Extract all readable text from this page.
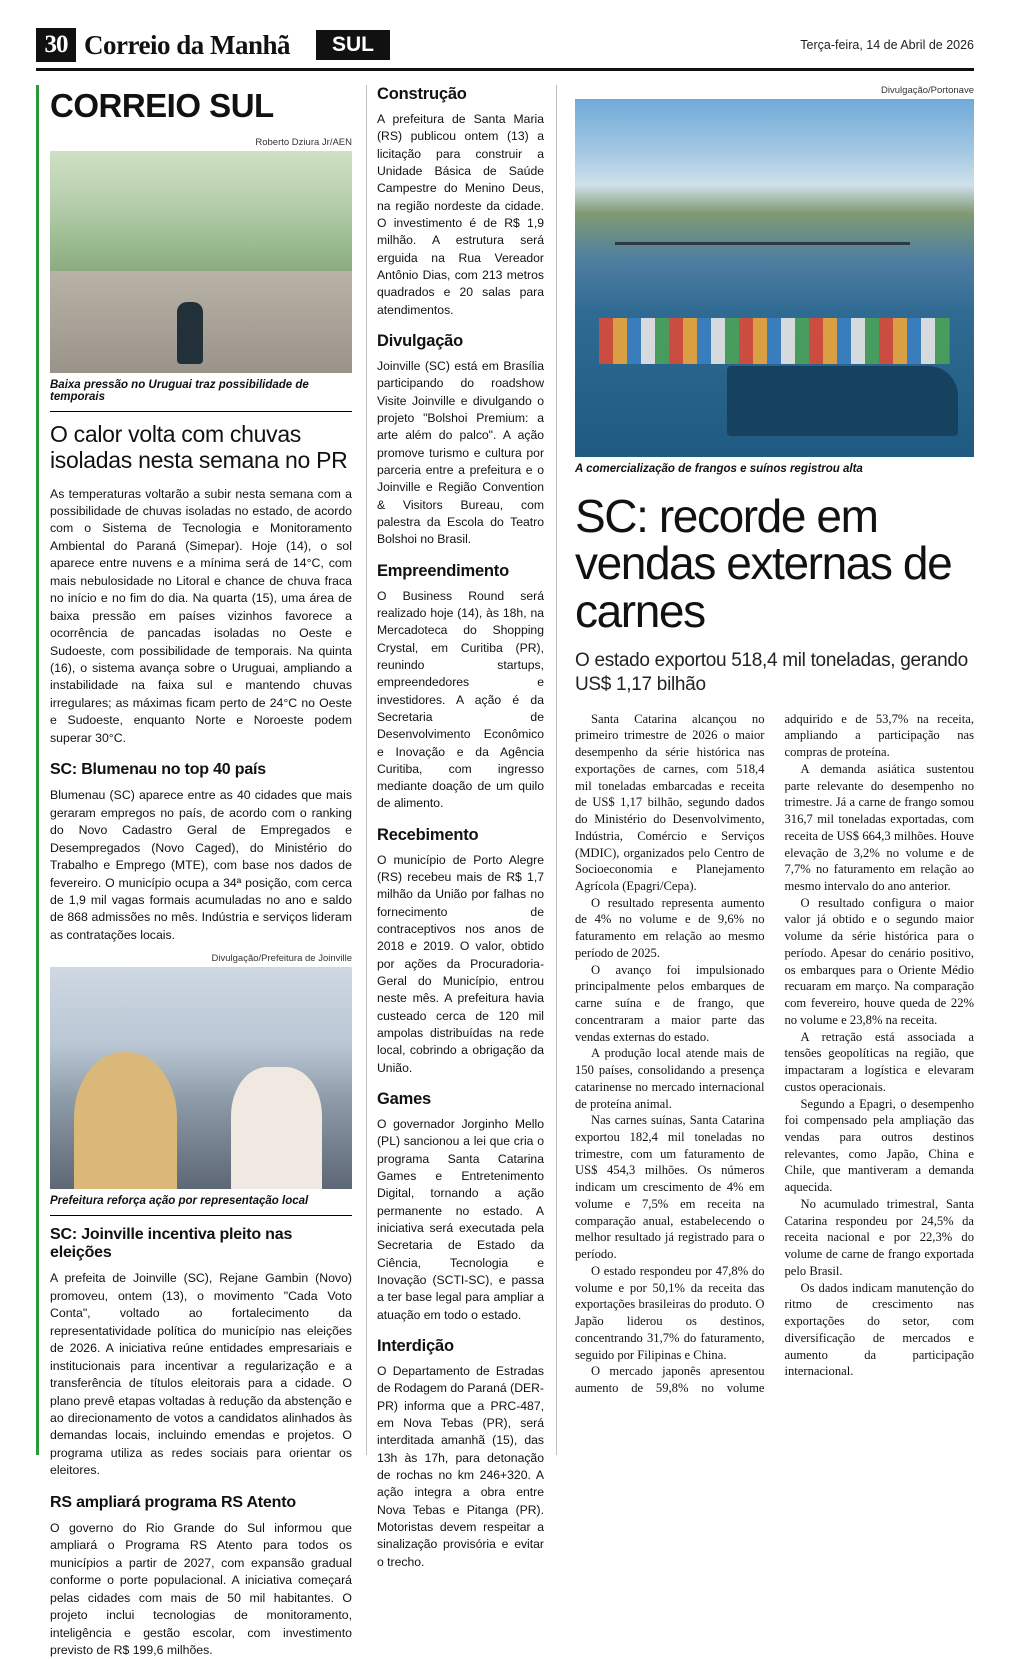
30 Correio da Manhã	SUL	Terça-feira, 14 de Abril de 2026
CORREIO SUL
Roberto Dziura Jr/AEN
Baixa pressão no Uruguai traz possibilidade de temporais
O calor volta com chuvas isoladas nesta semana no PR

As temperaturas voltarão a subir nesta semana com a possibilidade de chuvas isoladas no estado, de acordo com o Sistema de Tecnologia e Monitoramento Ambiental do Paraná (Simepar). Hoje (14), o sol aparece entre nuvens e a mínima será de 14°C, com mais nebulosidade no Litoral e chance de chuva fraca no início e no fim do dia. Na quarta (15), uma área de baixa pressão em países vizinhos favorece a ocorrência de pancadas isoladas no Oeste e Sudoeste, com possibilidade de temporais. Na quinta (16), o sistema avança sobre o Uruguai, ampliando a instabilidade na faixa sul e mantendo chuvas irregulares; as máximas ficam perto de 24°C no Oeste e Sudoeste, enquanto Norte e Noroeste podem superar 30°C.

SC: Blumenau no top 40 país

Blumenau (SC) aparece entre as 40 cidades que mais geraram empregos no país, de acordo com o ranking do Novo Cadastro Geral de Empregados e Desempregados (Novo Caged), do Ministério do Trabalho e Emprego (MTE), com base nos dados de fevereiro. O município ocupa a 34ª posição, com cerca de 1,9 mil vagas formais acumuladas no ano e saldo de 868 admissões no mês. Indústria e serviços lideram as contratações locais.

Divulgação/Prefeitura de Joinville
Prefeitura reforça ação por representação local
SC: Joinville incentiva pleito nas eleições

A prefeita de Joinville (SC), Rejane Gambin (Novo) promoveu, ontem (13), o movimento "Cada Voto Conta", voltado ao fortalecimento da representatividade política do município nas eleições de 2026. A iniciativa reúne entidades empresariais e institucionais para incentivar a regularização e a transferência de títulos eleitorais para a cidade. O plano prevê etapas voltadas à redução da abstenção e ao direcionamento de votos a candidatos alinhados às demandas locais, incluindo emendas e projetos. O programa utiliza as redes sociais para orientar os eleitores.

RS ampliará programa RS Atento

O governo do Rio Grande do Sul informou que ampliará o Programa RS Atento para todos os municípios a partir de 2027, com expansão gradual conforme o porte populacional. A iniciativa começará pelas cidades com mais de 50 mil habitantes. O projeto inclui tecnologias de monitoramento, inteligência e gestão escolar, com investimento previsto de R$ 199,6 milhões.

Construção

A prefeitura de Santa Maria (RS) publicou ontem (13) a licitação para construir a Unidade Básica de Saúde Campestre do Menino Deus, na região nordeste da cidade. O investimento é de R$ 1,9 milhão. A estrutura será erguida na Rua Vereador Antônio Dias, com 213 metros quadrados e 20 salas para atendimentos.

Divulgação

Joinville (SC) está em Brasília participando do roadshow Visite Joinville e divulgando o projeto "Bolshoi Premium: a arte além do palco". A ação promove turismo e cultura por parceria entre a prefeitura e o Joinville e Região Convention & Visitors Bureau, com palestra da Escola do Teatro Bolshoi no Brasil.

Empreendimento

O Business Round será realizado hoje (14), às 18h, na Mercadoteca do Shopping Crystal, em Curitiba (PR), reunindo startups, empreendedores e investidores. A ação é da Secretaria de Desenvolvimento Econômico e Inovação e da Agência Curitiba, com ingresso mediante doação de um quilo de alimento.

Recebimento

O município de Porto Alegre (RS) recebeu mais de R$ 1,7 milhão da União por falhas no fornecimento de contraceptivos nos anos de 2018 e 2019. O valor, obtido por ações da Procuradoria-Geral do Município, entrou neste mês. A prefeitura havia custeado cerca de 120 mil ampolas distribuídas na rede local, cobrindo a obrigação da União.

Games

O governador Jorginho Mello (PL) sancionou a lei que cria o programa Santa Catarina Games e Entretenimento Digital, tornando a ação permanente no estado. A iniciativa será executada pela Secretaria de Estado da Ciência, Tecnologia e Inovação (SCTI-SC), e passa a ter base legal para ampliar a atuação em todo o estado.

Interdição

O Departamento de Estradas de Rodagem do Paraná (DER-PR) informa que a PRC-487, em Nova Tebas (PR), será interditada amanhã (15), das 13h às 17h, para detonação de rochas no km 246+320. A ação integra a obra entre Nova Tebas e Pitanga (PR). Motoristas devem respeitar a sinalização provisória e evitar o trecho.

Divulgação/Portonave
A comercialização de frangos e suínos registrou alta
SC: recorde em vendas externas de carnes
O estado exportou 518,4 mil toneladas, gerando US$ 1,17 bilhão

Santa Catarina alcançou no primeiro trimestre de 2026 o maior desempenho da série histórica nas exportações de carnes, com 518,4 mil toneladas embarcadas e receita de US$ 1,17 bilhão, segundo dados do Ministério do Desenvolvimento, Indústria, Comércio e Serviços (MDIC), organizados pelo Centro de Socioeconomia e Planejamento Agrícola (Epagri/Cepa).

O resultado representa aumento de 4% no volume e de 9,6% no faturamento em relação ao mesmo período de 2025.

O avanço foi impulsionado principalmente pelos embarques de carne suína e de frango, que concentraram a maior parte das vendas externas do estado.

A produção local atende mais de 150 países, consolidando a presença catarinense no mercado internacional de proteína animal.

Nas carnes suínas, Santa Catarina exportou 182,4 mil toneladas no trimestre, com um faturamento de US$ 454,3 milhões. Os números indicam um crescimento de 4% em volume e 7,5% em receita na comparação anual, estabelecendo o melhor resultado já registrado para o período.

O estado respondeu por 47,8% do volume e por 50,1% da receita das exportações brasileiras do produto. O Japão liderou os destinos, concentrando 31,7% do faturamento, seguido por Filipinas e China.

O mercado japonês apresentou aumento de 59,8% no volume adquirido e de 53,7% na receita, ampliando a participação nas compras de proteína.

A demanda asiática sustentou parte relevante do desempenho no trimestre. Já a carne de frango somou 316,7 mil toneladas exportadas, com receita de US$ 664,3 milhões. Houve elevação de 3,2% no volume e de 7,7% no faturamento em relação ao mesmo intervalo do ano anterior.

O resultado configura o maior valor já obtido e o segundo maior volume da série histórica para o período. Apesar do cenário positivo, os embarques para o Oriente Médio recuaram em março. Na comparação com fevereiro, houve queda de 22% no volume e 23,8% na receita.

A retração está associada a tensões geopolíticas na região, que impactaram a logística e elevaram custos operacionais.

Segundo a Epagri, o desempenho foi compensado pela ampliação das vendas para outros destinos relevantes, como Japão, China e Chile, que mantiveram a demanda aquecida.

No acumulado trimestral, Santa Catarina respondeu por 24,5% da receita nacional e por 22,3% do volume de carne de frango exportada pelo Brasil.

Os dados indicam manutenção do ritmo de crescimento nas exportações do setor, com diversificação de mercados e aumento da participação internacional.
